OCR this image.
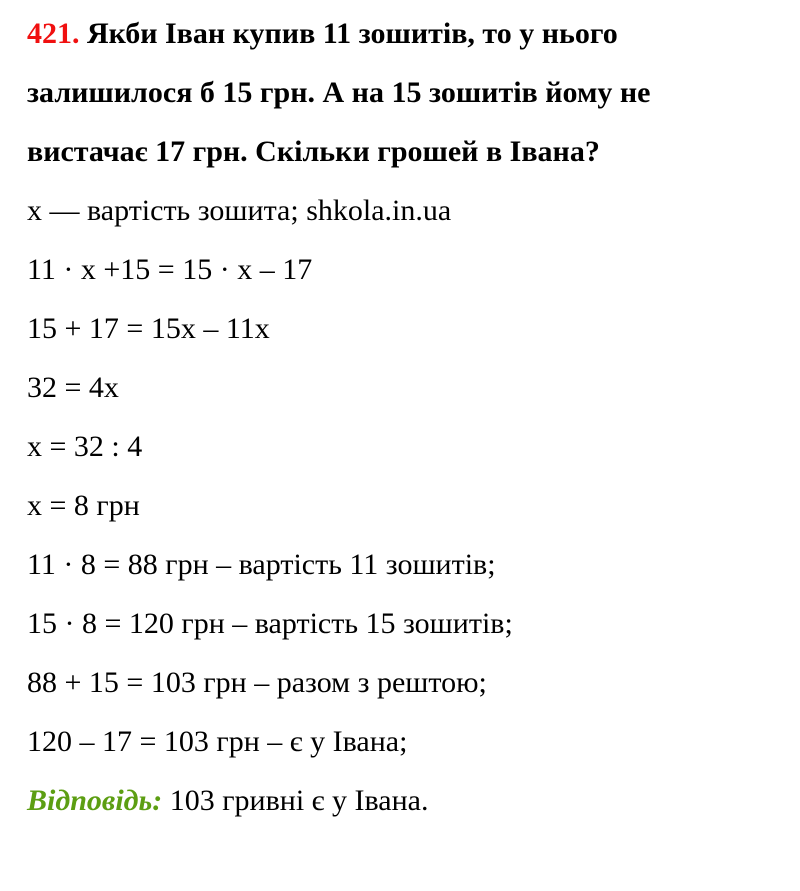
421. Якби Іван купив 11 зошитів, то у нього
залишилося б 15 грн. А на 15 зошитів йому не
вистачає 17 грн. Скільки грошей в Івана?
x — вартість зошита; shkola.in.ua
11 · x +15 = 15 · x – 17
15 + 17 = 15x – 11x
32 = 4x
x = 32 : 4
x = 8 грн
11 · 8 = 88 грн – вартість 11 зошитів;
15 · 8 = 120 грн – вартість 15 зошитів;
88 + 15 = 103 грн – разом з рештою;
120 – 17 = 103 грн – є у Івана;
Відповідь: 103 гривні є у Івана.
